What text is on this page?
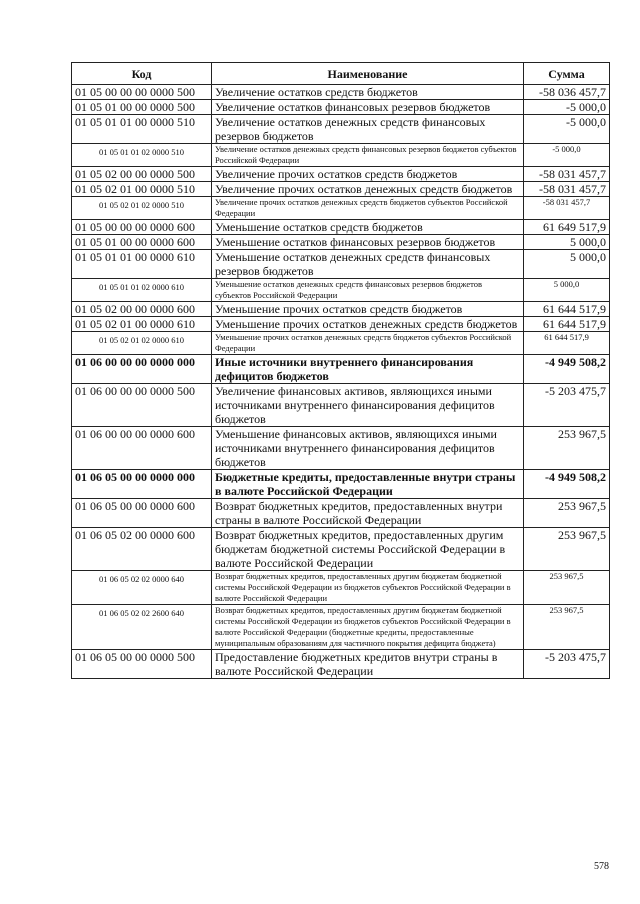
Код	Наименование	Сумма
01 05 00 00 00 0000 500	Увеличение остатков средств бюджетов	-58 036 457,7
01 05 01 00 00 0000 500	Увеличение остатков финансовых резервов бюджетов	-5 000,0
01 05 01 01 00 0000 510	Увеличение остатков денежных средств финансовых резервов бюджетов	-5 000,0
01 05 01 01 02 0000 510	Увеличение остатков денежных средств финансовых резервов бюджетов субъектов Российской Федерации	-5 000,0
01 05 02 00 00 0000 500	Увеличение прочих остатков средств бюджетов	-58 031 457,7
01 05 02 01 00 0000 510	Увеличение прочих остатков денежных средств бюджетов	-58 031 457,7
01 05 02 01 02 0000 510	Увеличение прочих остатков денежных средств бюджетов субъектов Российской Федерации	-58 031 457,7
01 05 00 00 00 0000 600	Уменьшение остатков средств бюджетов	61 649 517,9
01 05 01 00 00 0000 600	Уменьшение остатков финансовых резервов бюджетов	5 000,0
01 05 01 01 00 0000 610	Уменьшение остатков денежных средств финансовых резервов бюджетов	5 000,0
01 05 01 01 02 0000 610	Уменьшение остатков денежных средств финансовых резервов бюджетов субъектов Российской Федерации	5 000,0
01 05 02 00 00 0000 600	Уменьшение прочих остатков средств бюджетов	61 644 517,9
01 05 02 01 00 0000 610	Уменьшение прочих остатков денежных средств бюджетов	61 644 517,9
01 05 02 01 02 0000 610	Уменьшение прочих остатков денежных средств бюджетов субъектов Российской Федерации	61 644 517,9
01 06 00 00 00 0000 000	Иные источники внутреннего финансирования дефицитов бюджетов	-4 949 508,2
01 06 00 00 00 0000 500	Увеличение финансовых активов, являющихся иными источниками внутреннего финансирования дефицитов бюджетов	-5 203 475,7
01 06 00 00 00 0000 600	Уменьшение финансовых активов, являющихся иными источниками внутреннего финансирования дефицитов бюджетов	253 967,5
01 06 05 00 00 0000 000	Бюджетные кредиты, предоставленные внутри страны в валюте Российской Федерации	-4 949 508,2
01 06 05 00 00 0000 600	Возврат бюджетных кредитов, предоставленных внутри страны в валюте Российской Федерации	253 967,5
01 06 05 02 00 0000 600	Возврат бюджетных кредитов, предоставленных другим бюджетам бюджетной системы Российской Федерации в валюте Российской Федерации	253 967,5
01 06 05 02 02 0000 640	Возврат бюджетных кредитов, предоставленных другим бюджетам бюджетной системы Российской Федерации из бюджетов субъектов Российской Федерации в валюте Российской Федерации	253 967,5
01 06 05 02 02 2600 640	Возврат бюджетных кредитов, предоставленных другим бюджетам бюджетной системы Российской Федерации из бюджетов субъектов Российской Федерации в валюте Российской Федерации (бюджетные кредиты, предоставленные муниципальным образованиям для частичного покрытия дефицита бюджета)	253 967,5
01 06 05 00 00 0000 500	Предоставление бюджетных кредитов внутри страны в валюте Российской Федерации	-5 203 475,7
578
